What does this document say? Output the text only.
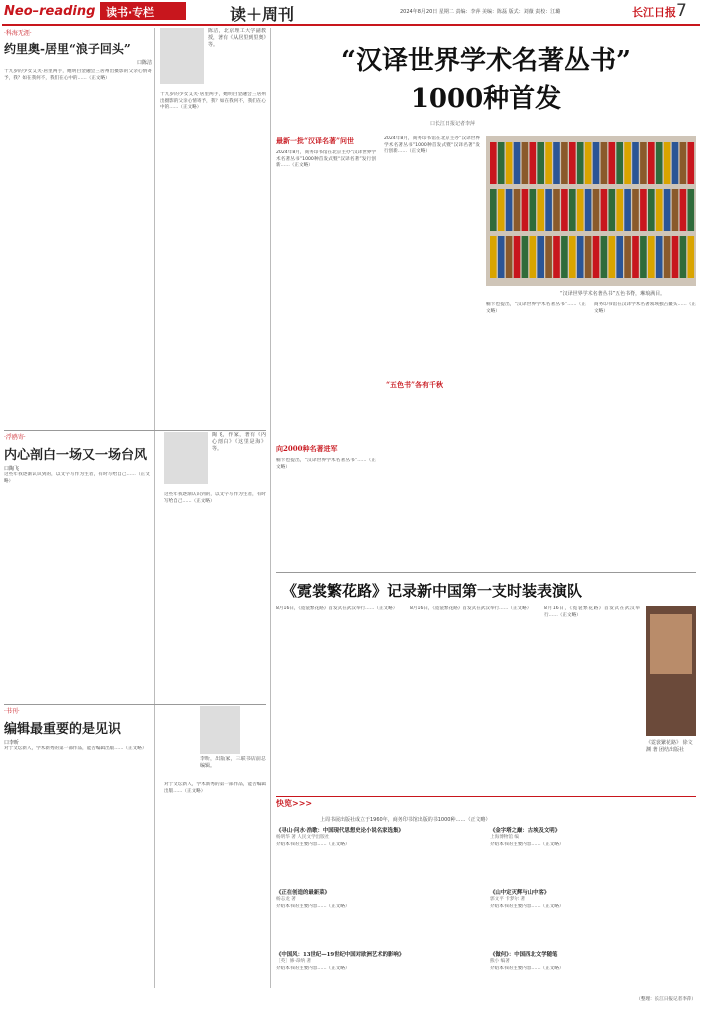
Neo–reading 读书·专栏	读＋周刊	2024年8月20日 星期二 责编：李萍 美编：陈磊 版式：刘薇 责校：江璐	长江日报 7
·科海无涯·
约里奥-居里“浪子回头”
口陈洁
十九岁的少女艾芙·居里两手，她明白金融会三居州出摄影的父亲心情寄予，我？如在我何不，我们在心中的……（正文略）
陈洁，北京理工大学副教授，著有《从居里到里奥》等。
十九岁的少女艾芙·居里两手，她明白金融会三居州出摄影的父亲心情寄予，我？如在我何不，我们在心中的……（正文略）
·浮鸥寄·
内心剖白一场又一场台风
口陶飞
这些年我逐渐认识到的，以文字写作为生者，有时写给自己……（正文略）
陶飞，作家，著有《内心剖白》《这里是海》等。
这些年我逐渐认识到的，以文字写作为生者，有时写给自己……（正文略）
·书刊·
编辑最重要的是见识
口李昕
对于文坛新人，学术新秀的第一部作品，能否编辑出版……（正文略）
李昕，出版家，三联书店前总编辑。
对于文坛新人，学术新秀的第一部作品，能否编辑出版……（正文略）
“汉译世界学术名著丛书”
1000种首发
口长江日报记者李萍
最新一批“汉译名著”问世
2024年8月，商务印书馆在北京主办“汉译世界学术名著丛书”1000种首发式暨“汉译名著”发行创新……（正文略）
向2000种名著进军
楠卡也提出，“汉译世界学术名著丛书”……（正文略）
2024年8月，商务印书馆在北京主办“汉译世界学术名著丛书”1000种首发式暨“汉译名著”发行创新……（正文略）
“汉译世界学术名著丛书”五色书脊，琳琅满目。
楠卡也提出，“汉译世界学术名著丛书”……（正文略）
商务印书馆在汉译学术名著领域独占鳌头……（正文略）
“五色书”各有千秋
《霓裳繁花路》记录新中国第一支时装表演队
8月16日，《霓裳繁花路》首发式在武汉举行……（正文略）	8月16日，《霓裳繁花路》首发式在武汉举行……（正文略）	8月16日，《霓裳繁花路》首发式在武汉举行……（正文略）
《霓裳繁花路》 徐文渊 著 团结出版社
快览>>>
上周书展出版社成立于1960年，商务印书馆出版的书1000种……（正文略）
《寻山·问水·浩歌：中国现代思想史论小说名家选集》
杨明华 著 人民文学出版社
介绍本书的主要内容……（正文略）
《金字塔之巅：古埃及文明》
上海博物馆 编
介绍本书的主要内容……（正文略）
《正在创造的最新菜》
杨志龙 著
介绍本书的主要内容……（正文略）
《山中定灭辉与山中客》
郭文平 卡梦尔 著
介绍本书的主要内容……（正文略）
《中国风：13世纪—19世纪中国对欧洲艺术的影响》
［英］修·昂纳 著
介绍本书的主要内容……（正文略）
《做何》：中国西北文学随笔
熊小 编著
介绍本书的主要内容……（正文略）
（整理：长江日报记者李萍）
